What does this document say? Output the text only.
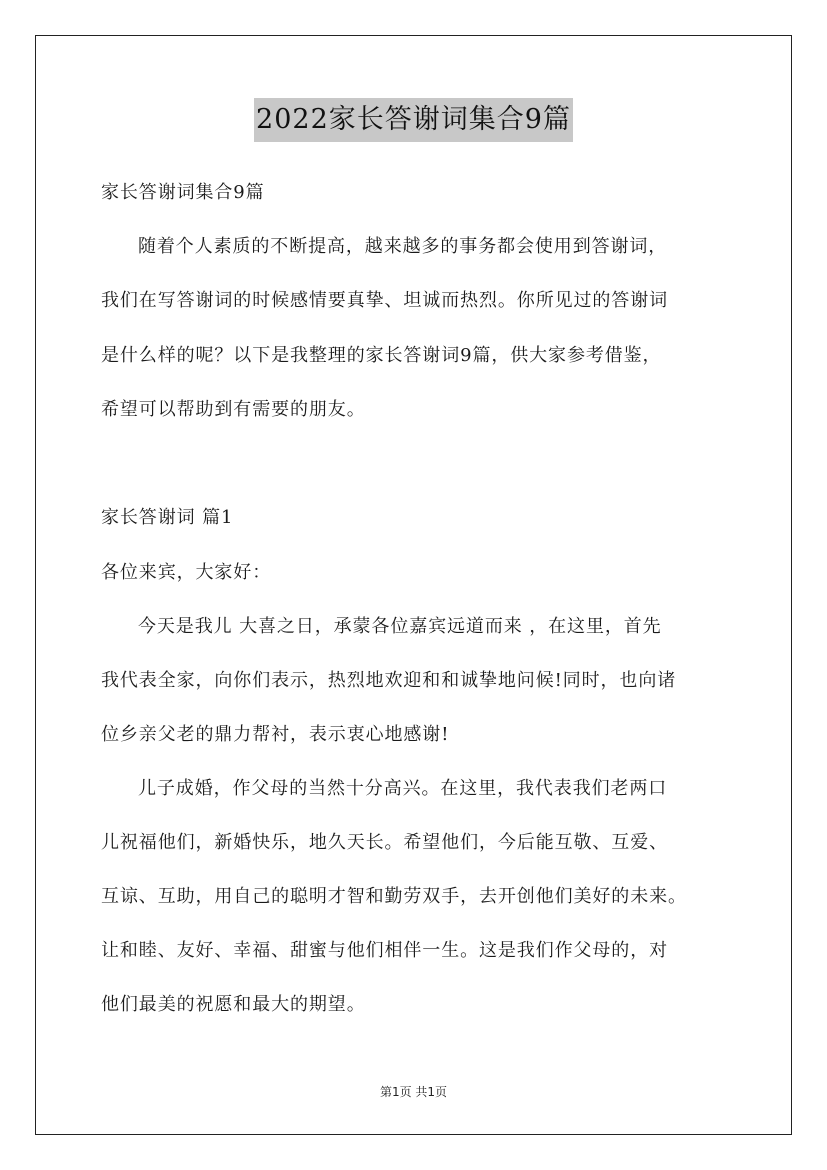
2022家长答谢词集合9篇
家长答谢词集合9篇
随着个人素质的不断提高，越来越多的事务都会使用到答谢词，
我们在写答谢词的时候感情要真挚、坦诚而热烈。你所见过的答谢词
是什么样的呢？以下是我整理的家长答谢词9篇，供大家参考借鉴，
希望可以帮助到有需要的朋友。
家长答谢词 篇1
各位来宾，大家好：
今天是我儿 大喜之日，承蒙各位嘉宾远道而来 ，在这里，首先
我代表全家，向你们表示，热烈地欢迎和和诚挚地问候!同时，也向诸
位乡亲父老的鼎力帮衬，表示衷心地感谢!
儿子成婚，作父母的当然十分高兴。在这里，我代表我们老两口
儿祝福他们，新婚快乐，地久天长。希望他们，今后能互敬、互爱、
互谅、互助，用自己的聪明才智和勤劳双手，去开创他们美好的未来。
让和睦、友好、幸福、甜蜜与他们相伴一生。这是我们作父母的，对
他们最美的祝愿和最大的期望。
第1页 共1页
